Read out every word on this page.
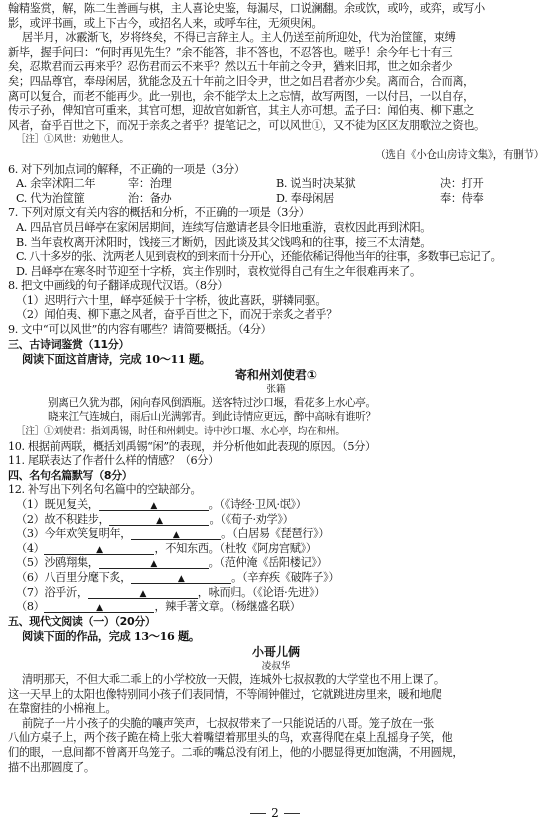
翰精鉴赏，解，陈二生善画与棋，主人喜论史鉴，每漏尽，口说澜翻。余或饮，或吟，或弈，或写小
影，或评书画，或上下古今，或招名人来，或呼车往，无须臾闲。
居半月，冰霰渐飞，岁将终矣，不得已言辞主人。主人仍送至前所迎处，代为治筐篚，束缚
新毕，握手问曰：“何时再见先生？”余不能答，非不答也，不忍答也。嗟乎！余今年七十有三
矣，忍欺君而云再来乎？忍伤君而云不来乎？然以五十年前之令尹，猶来旧邦，世之如余者少
矣；四品尊官，奉母闲居，犹能念及五十年前之旧令尹，世之如吕君者亦少矣。离而合，合而离，
离可以复合，而老不能再少。此一别也，余不能学太上之忘情，故写两图，一以付吕，一以自存，
传示子孙，俾知官可重来，其官可想，迎故官如新官，其主人亦可想。孟子曰：闻伯夷、柳下惠之
风者，奋乎百世之下，而况于亲炙之者乎？提笔记之，可以风世①，又不徒为区区友朋歌泣之资也。
［注］①风世：劝勉世人。
（选自《小仓山房诗文集》，有删节）
6. 对下列加点词的解释，不正确的一项是（3分）
A. 余宰沭阳二年	宰：治理	B. 说当时决某狱	决：打开
C. 代为治筐篚	治：备办	D. 奉母闲居	奉：侍奉
7. 下列对原文有关内容的概括和分析，不正确的一项是（3分）
A. 四品官员吕峄亭在家闲居期间，连续写信邀请老县令旧地重游，袁枚因此再到沭阳。
B. 当年袁枚离开沭阳时，饯接三才断奶，因此谈及其父饯鸣和的往事，接三不太清楚。
C. 八十多岁的张、沈两老人见到袁枚的到来而十分开心，还能依稀记得他当年的往事，多数事已忘记了。
D. 吕峄亭在寒冬时节迎至十字桥，宾主作别时，袁枚觉得自己有生之年很难再来了。
8. 把文中画线的句子翻译成现代汉语。（8分）
（1）迟明行六十里，峄亭延候于十字桥，彼此喜跃，骈辚同驱。
（2）闻伯夷、柳下惠之风者，奋乎百世之下，而况于亲炙之者乎？
9. 文中“可以风世”的内容有哪些？请简要概括。（4分）
三、古诗词鉴赏（11分）
阅读下面这首唐诗，完成 10～11 题。
寄和州刘使君①
张籍
别离已久犹为郡，闲向春风倒酒瓶。送客特过沙口堰，看花多上水心亭。
晓来江气连城白，雨后山光满郭青。到此诗情应更远，醉中高咏有谁听？
［注］①刘使君：指刘禹锡，时任和州刺史。诗中沙口堰、水心亭，均在和州。
10. 根据前两联，概括刘禹锡“闲”的表现，并分析他如此表现的原因。（5分）
11. 尾联表达了作者什么样的情感？（6分）
四、名句名篇默写（8分）
12. 补写出下列名句名篇中的空缺部分。
（1）既见复关，	▲	。（《诗经·卫风·氓》）
（2）故不积跬步，	▲	。（《荀子·劝学》）
（3）今年欢笑复明年，	▲	。（白居易《琵琶行》）
（4）	▲	，不知东西。（杜牧《阿房宫赋》）
（5）沙鸥翔集，	▲	。（范仲淹《岳阳楼记》）
（6）八百里分麾下炙，	▲	。（辛弃疾《破阵子》）
（7）浴乎沂，	▲	，咏而归。（《论语·先进》）
（8）	▲	，辣手著文章。（杨继盛名联）
五、现代文阅读（一）（20分）
阅读下面的作品，完成 13～16 题。
小哥儿俩
凌叔华
清明那天，不但大乖二乖上的小学校放一天假，连城外七叔叔教的大学堂也不用上课了。
这一天早上的太阳也像特别同小孩子们表同情，不等闹钟催过，它就跳进房里来，暖和地爬
在靠窗挂的小棉袍上。
前院子一片小孩子的尖脆的嚷声笑声，七叔叔带来了一只能说话的八哥。笼子放在一张
八仙方桌子上，两个孩子跪在椅上张大着嘴望着那里头的鸟，欢喜得爬在桌上乱摇身子笑，他
们的眼，一息间都不曾离开鸟笼子。二乖的嘴总没有闭上，他的小腮显得更加饱满，不用圆规，
描不出那圆度了。
2
